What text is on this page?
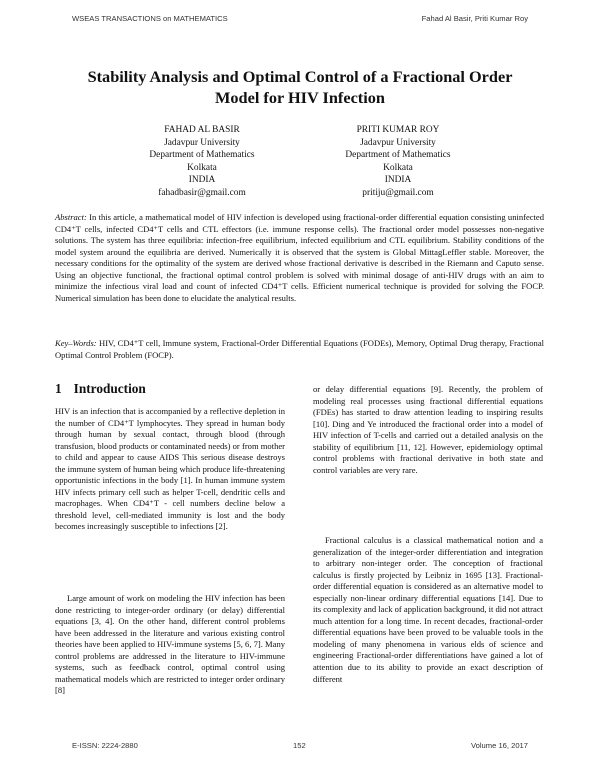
WSEAS TRANSACTIONS on MATHEMATICS	Fahad Al Basir, Priti Kumar Roy
Stability Analysis and Optimal Control of a Fractional Order
Model for HIV Infection
FAHAD AL BASIR
Jadavpur University
Department of Mathematics
Kolkata
INDIA
fahadbasir@gmail.com
PRITI KUMAR ROY
Jadavpur University
Department of Mathematics
Kolkata
INDIA
pritiju@gmail.com
Abstract: In this article, a mathematical model of HIV infection is developed using fractional-order differential equation consisting uninfected CD4⁺T cells, infected CD4⁺T cells and CTL effectors (i.e. immune response cells). The fractional order model possesses non-negative solutions. The system has three equilibria: infection-free equilibrium, infected equilibrium and CTL equilibrium. Stability conditions of the model system around the equilibria are derived. Numerically it is observed that the system is Global MittagLeffler stable. Moreover, the necessary conditions for the optimality of the system are derived whose fractional derivative is described in the Riemann and Caputo sense. Using an objective functional, the fractional optimal control problem is solved with minimal dosage of anti-HIV drugs with an aim to minimize the infectious viral load and count of infected CD4⁺T cells. Efficient numerical technique is provided for solving the FOCP. Numerical simulation has been done to elucidate the analytical results.
Key–Words: HIV, CD4⁺T cell, Immune system, Fractional-Order Differential Equations (FODEs), Memory, Optimal Drug therapy, Fractional Optimal Control Problem (FOCP).
1 Introduction

HIV is an infection that is accompanied by a reflective depletion in the number of CD4⁺T lymphocytes. They spread in human body through human by sexual contact, through blood (through transfusion, blood products or contaminated needs) or from mother to child and appear to cause AIDS This serious disease destroys the immune system of human being which produce life-threatening opportunistic infections in the body [1]. In human immune system HIV infects primary cell such as helper T-cell, dendritic cells and macrophages. When CD4⁺T - cell numbers decline below a threshold level, cell-mediated immunity is lost and the body becomes increasingly susceptible to infections [2].

Large amount of work on modeling the HIV infection has been done restricting to integer-order ordinary (or delay) differential equations [3, 4]. On the other hand, different control problems have been addressed in the literature and various existing control theories have been applied to HIV-immune systems [5, 6, 7]. Many control problems are addressed in the literature to HIV-immune systems, such as feedback control, optimal control using mathematical models which are restricted to integer order ordinary [8]

or delay differential equations [9]. Recently, the problem of modeling real processes using fractional differential equations (FDEs) has started to draw attention leading to inspiring results [10]. Ding and Ye introduced the fractional order into a model of HIV infection of T-cells and carried out a detailed analysis on the stability of equilibrium [11, 12]. However, epidemiology optimal control problems with fractional derivative in both state and control variables are very rare.

Fractional calculus is a classical mathematical notion and a generalization of the integer-order differentiation and integration to arbitrary non-integer order. The conception of fractional calculus is firstly projected by Leibniz in 1695 [13]. Fractional-order differential equation is considered as an alternative model to especially non-linear ordinary differential equations [14]. Due to its complexity and lack of application background, it did not attract much attention for a long time. In recent decades, fractional-order differential equations have been proved to be valuable tools in the modeling of many phenomena in various elds of science and engineering Fractional-order differentiations have gained a lot of attention due to its ability to provide an exact description of different

E-ISSN: 2224-2880	152	Volume 16, 2017
